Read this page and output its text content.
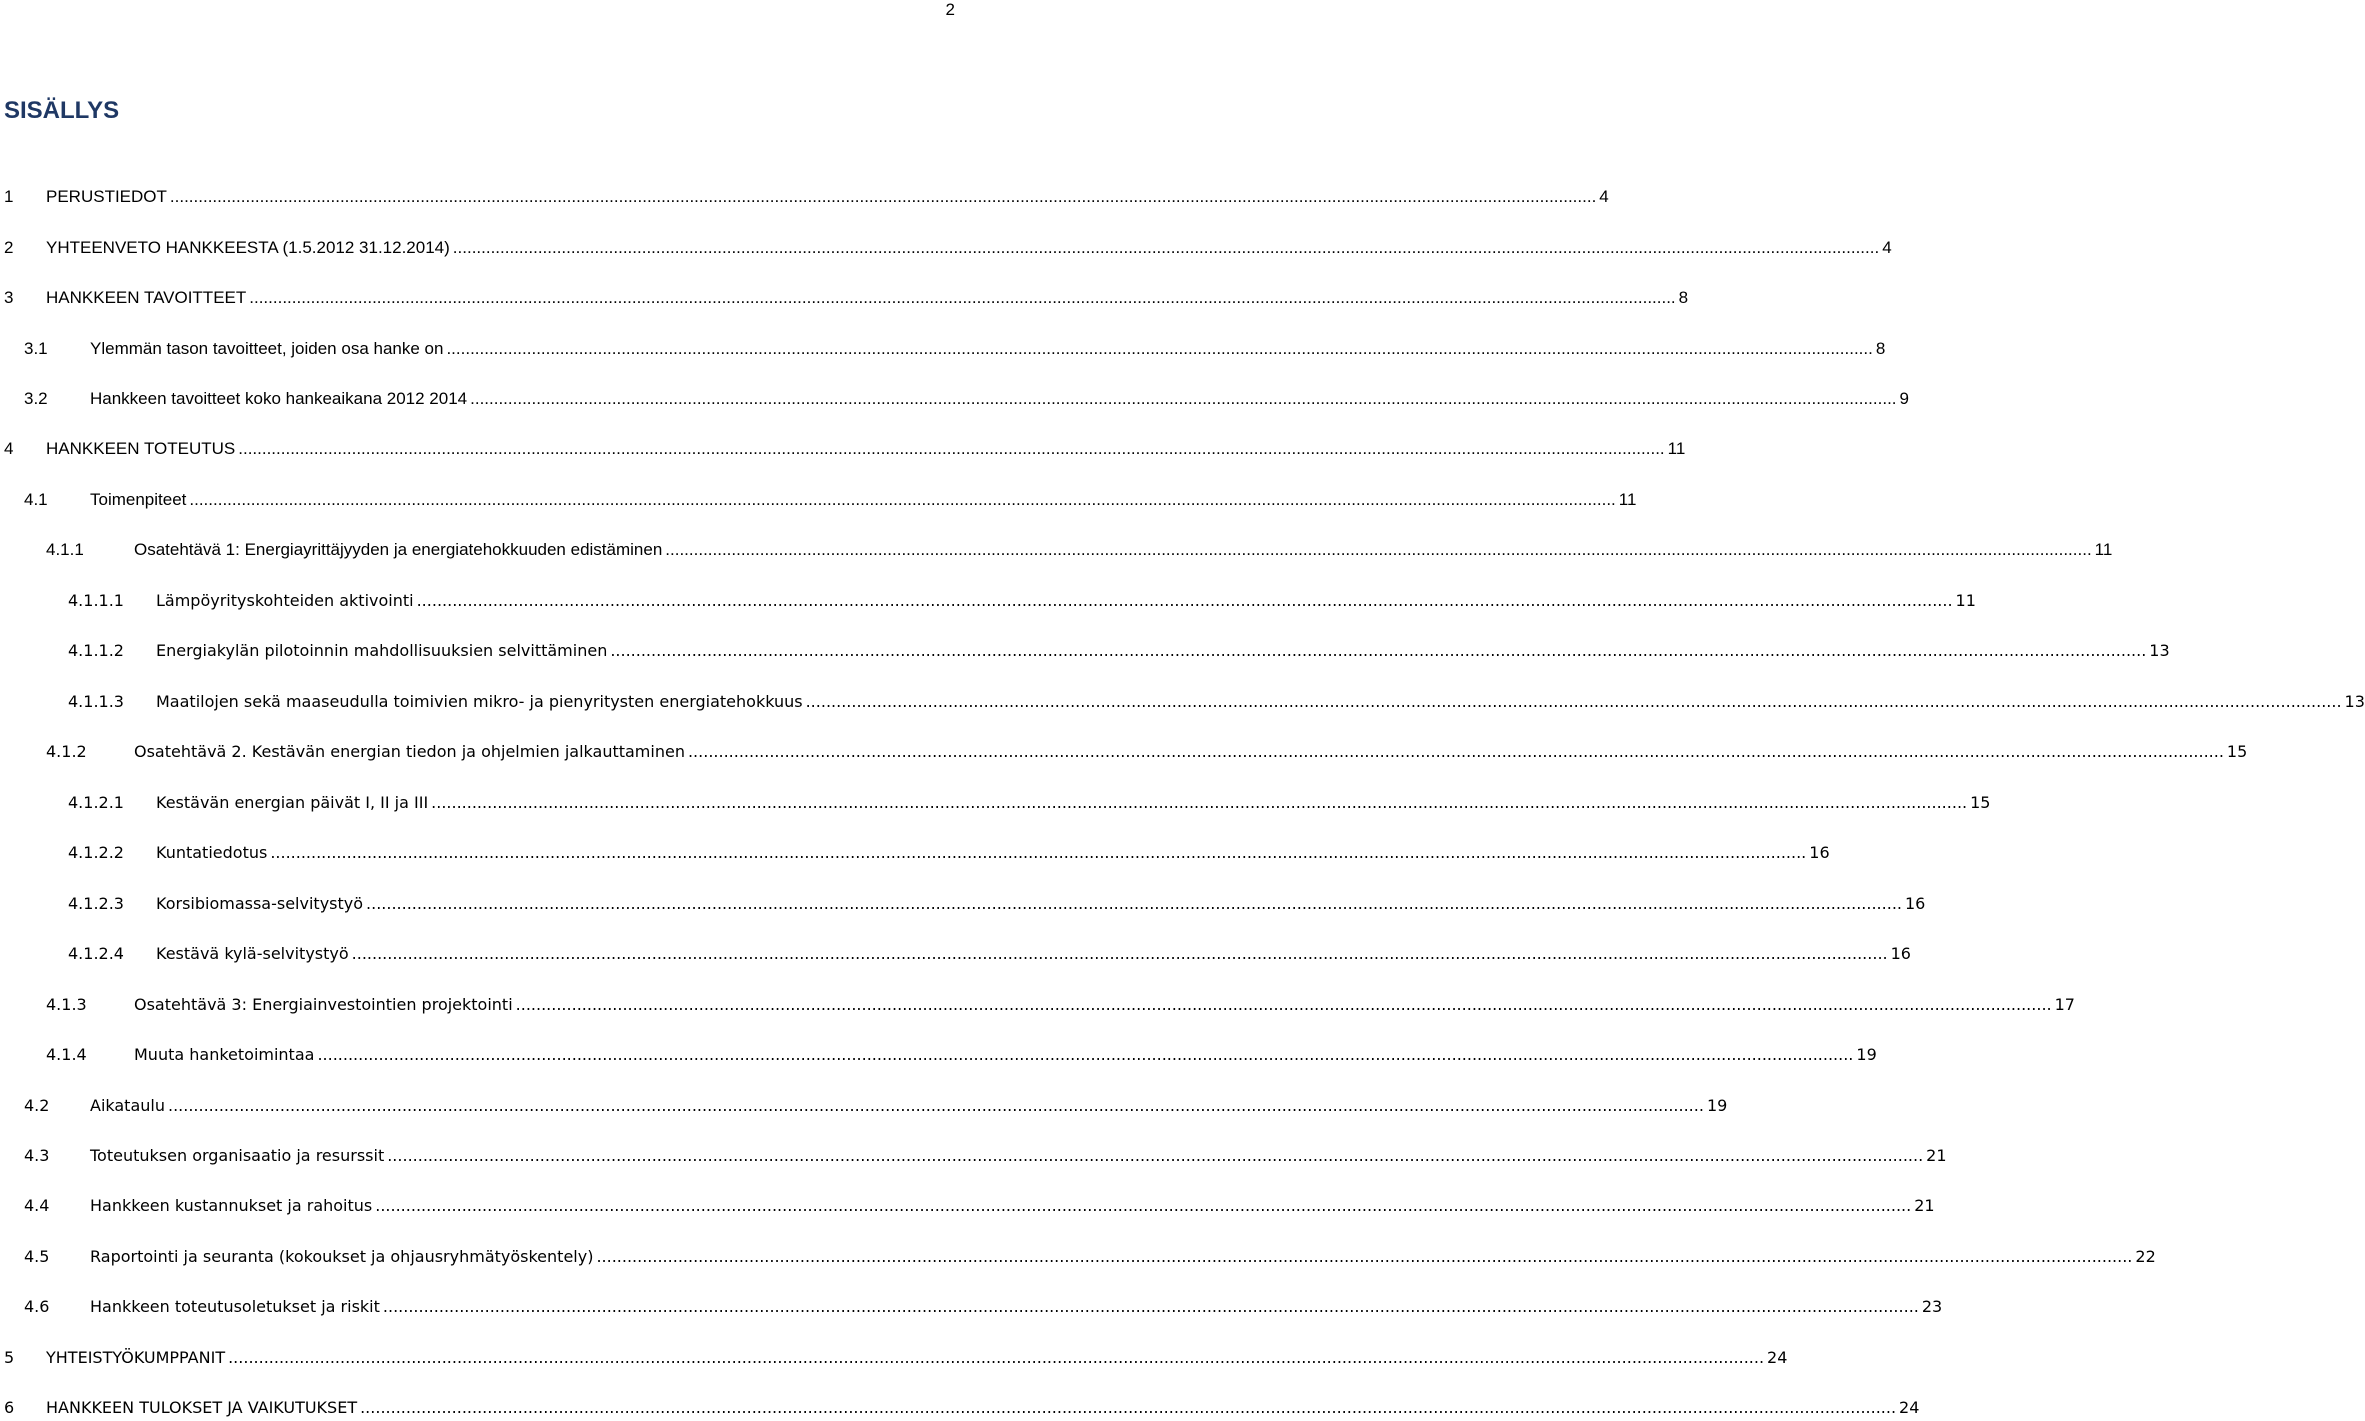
2
SISÄLLYS
1	PERUSTIEDOT .....	4
2	YHTEENVETO HANKKEESTA (1.5.2012 31.12.2014) .....	4
3	HANKKEEN TAVOITTEET .....	8
3.1	Ylemmän tason tavoitteet, joiden osa hanke on .....	8
3.2	Hankkeen tavoitteet koko hankeaikana 2012 2014 .....	9
4	HANKKEEN TOTEUTUS .....	11
4.1	Toimenpiteet .....	11
4.1.1	Osatehtävä 1: Energiayrittäjyyden ja energiatehokkuuden edistäminen .....	11
4.1.1.1	Lämpöyrityskohteiden aktivointi .....	11
4.1.1.2	Energiakylän pilotoinnin mahdollisuuksien selvittäminen .....	13
4.1.1.3	Maatilojen sekä maaseudulla toimivien mikro- ja pienyritysten energiatehokkuus .....	13
4.1.2	Osatehtävä 2. Kestävän energian tiedon ja ohjelmien jalkauttaminen .....	15
4.1.2.1	Kestävän energian päivät I, II ja III .....	15
4.1.2.2	Kuntatiedotus .....	16
4.1.2.3	Korsibiomassa-selvitystyö .....	16
4.1.2.4	Kestävä kylä-selvitystyö .....	16
4.1.3	Osatehtävä 3: Energiainvestointien projektointi .....	17
4.1.4	Muuta hanketoimintaa .....	19
4.2	Aikataulu .....	19
4.3	Toteutuksen organisaatio ja resurssit .....	21
4.4	Hankkeen kustannukset ja rahoitus .....	21
4.5	Raportointi ja seuranta (kokoukset ja ohjausryhmätyöskentely) .....	22
4.6	Hankkeen toteutusoletukset ja riskit .....	23
5	YHTEISTYÖKUMPPANIT .....	24
6	HANKKEEN TULOKSET JA VAIKUTUKSET .....	24
